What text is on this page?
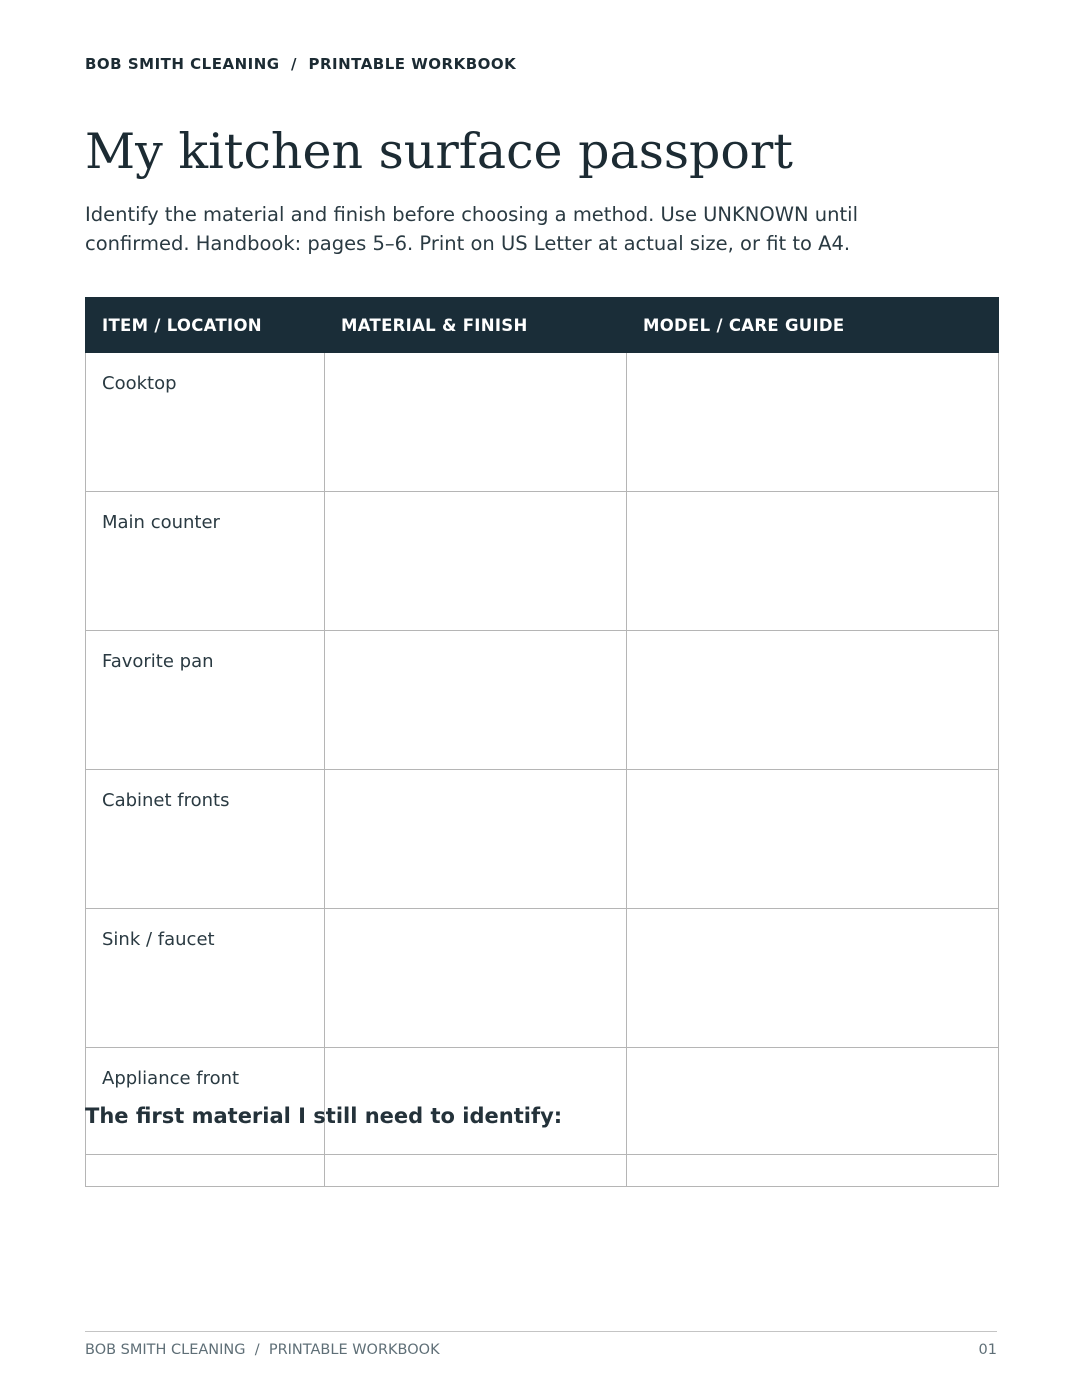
BOB SMITH CLEANING  /  PRINTABLE WORKBOOK
My kitchen surface passport

Identify the material and finish before choosing a method. Use UNKNOWN until confirmed. Handbook: pages 5–6. Print on US Letter at actual size, or fit to A4.

ITEM / LOCATION	MATERIAL & FINISH	MODEL / CARE GUIDE
Cooktop		
Main counter		
Favorite pan		
Cabinet fronts		
Sink / faucet		
Appliance front		
The first material I still need to identify:
BOB SMITH CLEANING  /  PRINTABLE WORKBOOK	01
